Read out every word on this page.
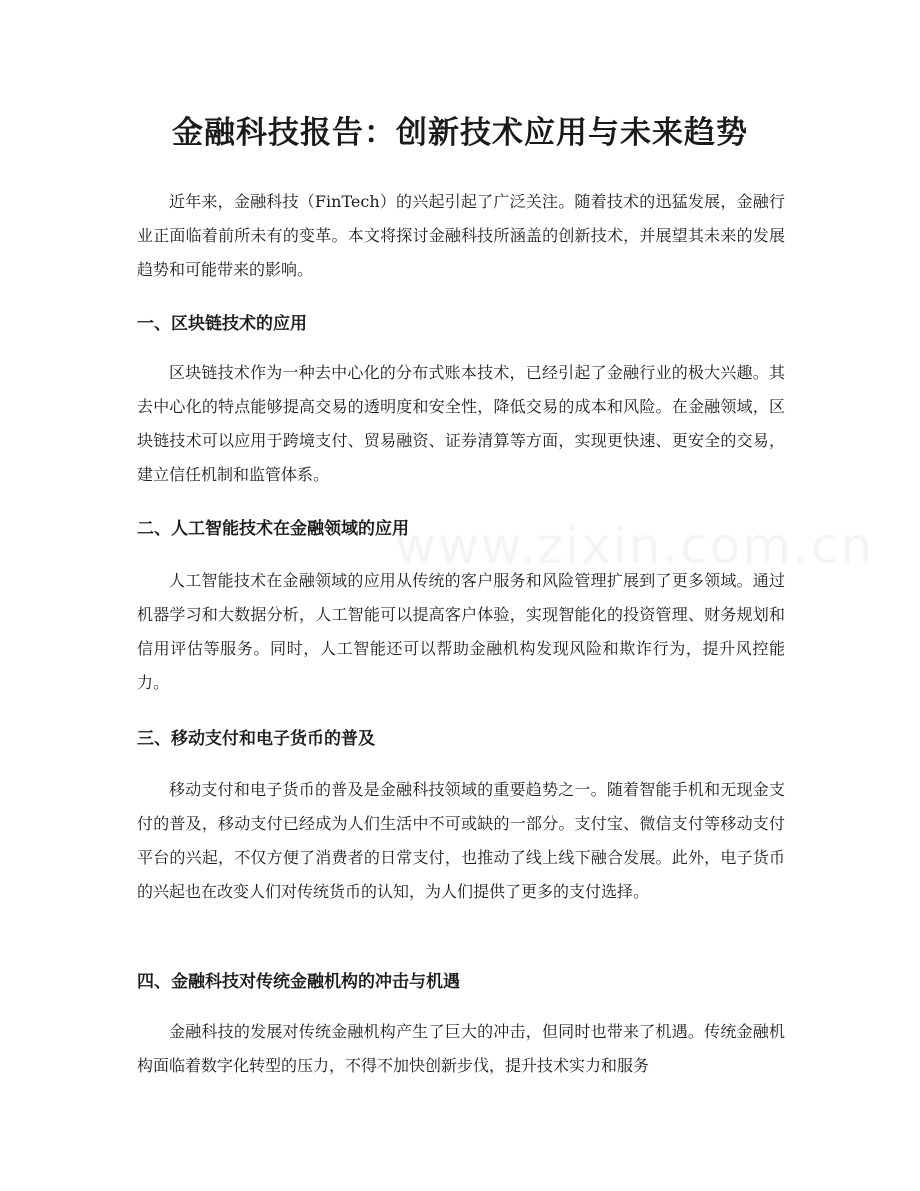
金融科技报告：创新技术应用与未来趋势

近年来，金融科技（FinTech）的兴起引起了广泛关注。随着技术的迅猛发展，金融行业正面临着前所未有的变革。本文将探讨金融科技所涵盖的创新技术，并展望其未来的发展趋势和可能带来的影响。

一、区块链技术的应用

区块链技术作为一种去中心化的分布式账本技术，已经引起了金融行业的极大兴趣。其去中心化的特点能够提高交易的透明度和安全性，降低交易的成本和风险。在金融领域，区块链技术可以应用于跨境支付、贸易融资、证券清算等方面，实现更快速、更安全的交易，建立信任机制和监管体系。

二、人工智能技术在金融领域的应用

人工智能技术在金融领域的应用从传统的客户服务和风险管理扩展到了更多领域。通过机器学习和大数据分析，人工智能可以提高客户体验，实现智能化的投资管理、财务规划和信用评估等服务。同时，人工智能还可以帮助金融机构发现风险和欺诈行为，提升风控能力。

三、移动支付和电子货币的普及

移动支付和电子货币的普及是金融科技领域的重要趋势之一。随着智能手机和无现金支付的普及，移动支付已经成为人们生活中不可或缺的一部分。支付宝、微信支付等移动支付平台的兴起，不仅方便了消费者的日常支付，也推动了线上线下融合发展。此外，电子货币的兴起也在改变人们对传统货币的认知，为人们提供了更多的支付选择。

四、金融科技对传统金融机构的冲击与机遇

金融科技的发展对传统金融机构产生了巨大的冲击，但同时也带来了机遇。传统金融机构面临着数字化转型的压力，不得不加快创新步伐，提升技术实力和服务
